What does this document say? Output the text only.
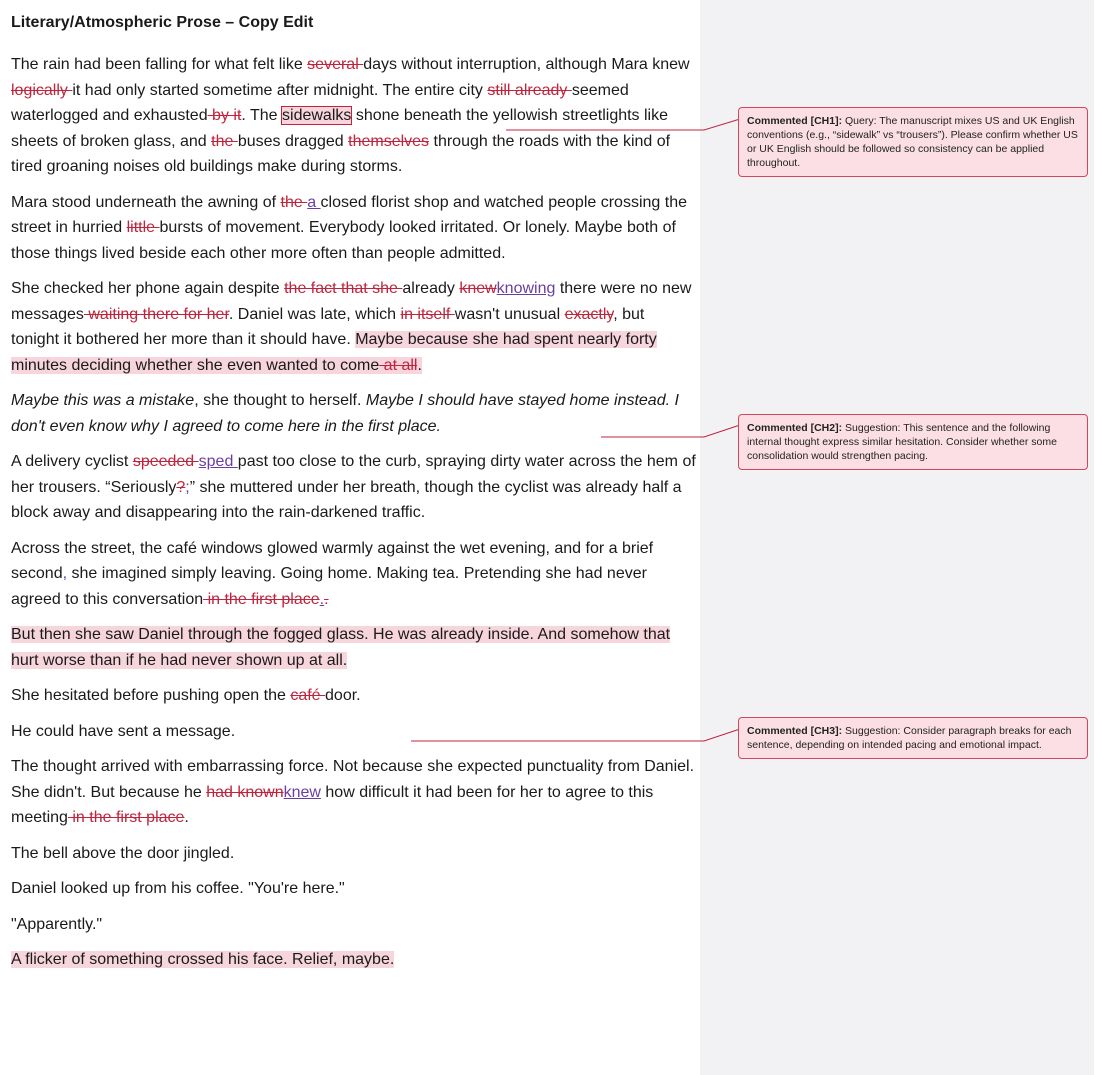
Literary/Atmospheric Prose – Copy Edit

The rain had been falling for what felt like several days without interruption, although Mara knew logically it had only started sometime after midnight. The entire city still already seemed waterlogged and exhausted by it. The sidewalks shone beneath the yellowish streetlights like sheets of broken glass, and the buses dragged themselves through the roads with the kind of tired groaning noises old buildings make during storms.

Mara stood underneath the awning of the a closed florist shop and watched people crossing the street in hurried little bursts of movement. Everybody looked irritated. Or lonely. Maybe both of those things lived beside each other more often than people admitted.

She checked her phone again despite the fact that she already knewknowing there were no new messages waiting there for her. Daniel was late, which in itself wasn't unusual exactly, but tonight it bothered her more than it should have. Maybe because she had spent nearly forty minutes deciding whether she even wanted to come at all.

Maybe this was a mistake, she thought to herself. Maybe I should have stayed home instead. I don't even know why I agreed to come here in the first place.

A delivery cyclist speeded sped past too close to the curb, spraying dirty water across the hem of her trousers. “Seriously?;” she muttered under her breath, though the cyclist was already half a block away and disappearing into the rain-darkened traffic.

Across the street, the café windows glowed warmly against the wet evening, and for a brief second, she imagined simply leaving. Going home. Making tea. Pretending she had never agreed to this conversation in the first place..

But then she saw Daniel through the fogged glass. He was already inside. And somehow that hurt worse than if he had never shown up at all.

She hesitated before pushing open the café door.

He could have sent a message.

The thought arrived with embarrassing force. Not because she expected punctuality from Daniel. She didn't. But because he had knownknew how difficult it had been for her to agree to this meeting in the first place.

The bell above the door jingled.

Daniel looked up from his coffee. "You're here."

"Apparently."

A flicker of something crossed his face. Relief, maybe.

Commented [CH1]: Query: The manuscript mixes US and UK English conventions (e.g., “sidewalk” vs “trousers”). Please confirm whether US or UK English should be followed so consistency can be applied throughout.
Commented [CH2]: Suggestion: This sentence and the following internal thought express similar hesitation. Consider whether some consolidation would strengthen pacing.
Commented [CH3]: Suggestion: Consider paragraph breaks for each sentence, depending on intended pacing and emotional impact.
